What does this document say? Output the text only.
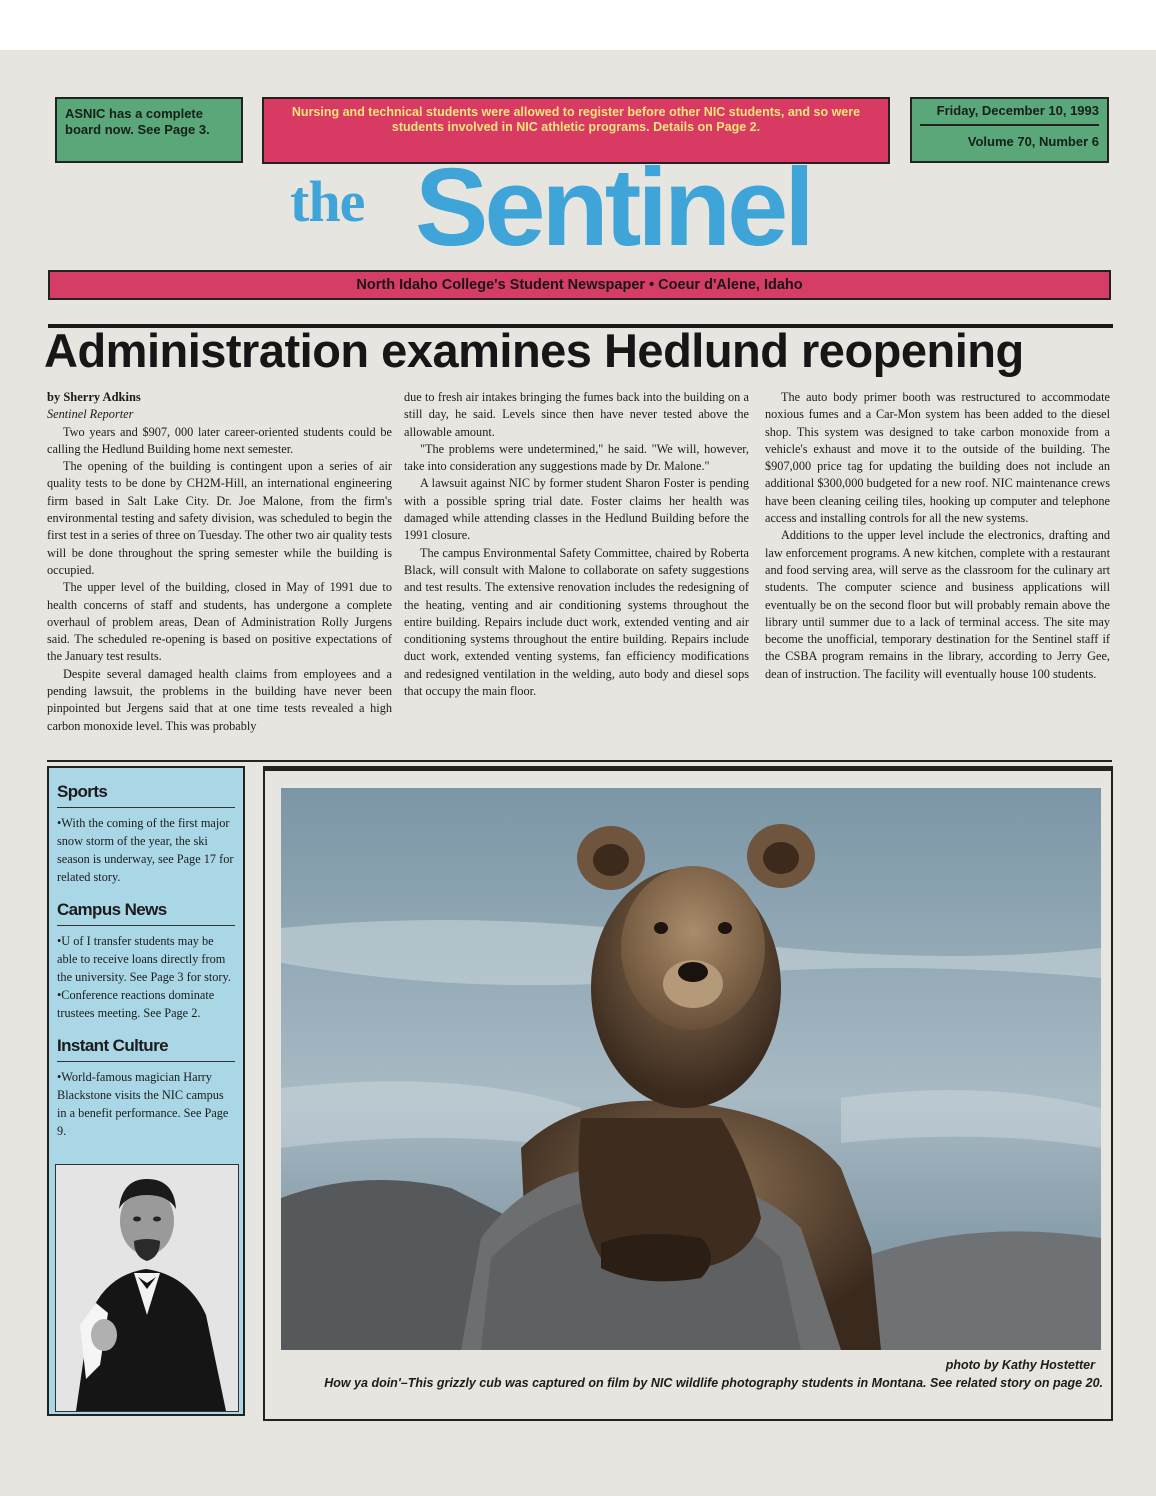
ASNIC has a complete board now. See Page 3.
Nursing and technical students were allowed to register before other NIC students, and so were students involved in NIC athletic programs. Details on Page 2.
Friday, December 10, 1993
Volume 70, Number 6
the Sentinel
North Idaho College's Student Newspaper • Coeur d'Alene, Idaho
Administration examines Hedlund reopening

by Sherry Adkins

Sentinel Reporter

Two years and $907, 000 later career-oriented students could be calling the Hedlund Building home next semester.

The opening of the building is contingent upon a series of air quality tests to be done by CH2M-Hill, an international engineering firm based in Salt Lake City. Dr. Joe Malone, from the firm's environmental testing and safety division, was scheduled to begin the first test in a series of three on Tuesday. The other two air quality tests will be done throughout the spring semester while the building is occupied.

The upper level of the building, closed in May of 1991 due to health concerns of staff and students, has undergone a complete overhaul of problem areas, Dean of Administration Rolly Jurgens said. The scheduled re-opening is based on positive expectations of the January test results.

Despite several damaged health claims from employees and a pending lawsuit, the problems in the building have never been pinpointed but Jergens said that at one time tests revealed a high carbon monoxide level. This was probably

due to fresh air intakes bringing the fumes back into the building on a still day, he said. Levels since then have never tested above the allowable amount.

"The problems were undetermined," he said. "We will, however, take into consideration any suggestions made by Dr. Malone."

A lawsuit against NIC by former student Sharon Foster is pending with a possible spring trial date. Foster claims her health was damaged while attending classes in the Hedlund Building before the 1991 closure.

The campus Environmental Safety Committee, chaired by Roberta Black, will consult with Malone to collaborate on safety suggestions and test results. The extensive renovation includes the redesigning of the heating, venting and air conditioning systems throughout the entire building. Repairs include duct work, extended venting and air conditioning systems throughout the entire building. Repairs include duct work, extended venting systems, fan efficiency modifications and redesigned ventilation in the welding, auto body and diesel sops that occupy the main floor.

The auto body primer booth was restructured to accommodate noxious fumes and a Car-Mon system has been added to the diesel shop. This system was designed to take carbon monoxide from a vehicle's exhaust and move it to the outside of the building. The $907,000 price tag for updating the building does not include an additional $300,000 budgeted for a new roof. NIC maintenance crews have been cleaning ceiling tiles, hooking up computer and telephone access and installing controls for all the new systems.

Additions to the upper level include the electronics, drafting and law enforcement programs. A new kitchen, complete with a restaurant and food serving area, will serve as the classroom for the culinary art students. The computer science and business applications will eventually be on the second floor but will probably remain above the library until summer due to a lack of terminal access. The site may become the unofficial, temporary destination for the Sentinel staff if the CSBA program remains in the library, according to Jerry Gee, dean of instruction. The facility will eventually house 100 students.

Sports

•With the coming of the first major snow storm of the year, the ski season is underway, see Page 17 for related story.

Campus News

•U of I transfer students may be able to receive loans directly from the university. See Page 3 for story.

•Conference reactions dominate trustees meeting. See Page 2.

Instant Culture

•World-famous magician Harry Blackstone visits the NIC campus in a benefit performance. See Page 9.

photo by Kathy Hostetter
How ya doin'–This grizzly cub was captured on film by NIC wildlife photography students in Montana. See related story on page 20.
